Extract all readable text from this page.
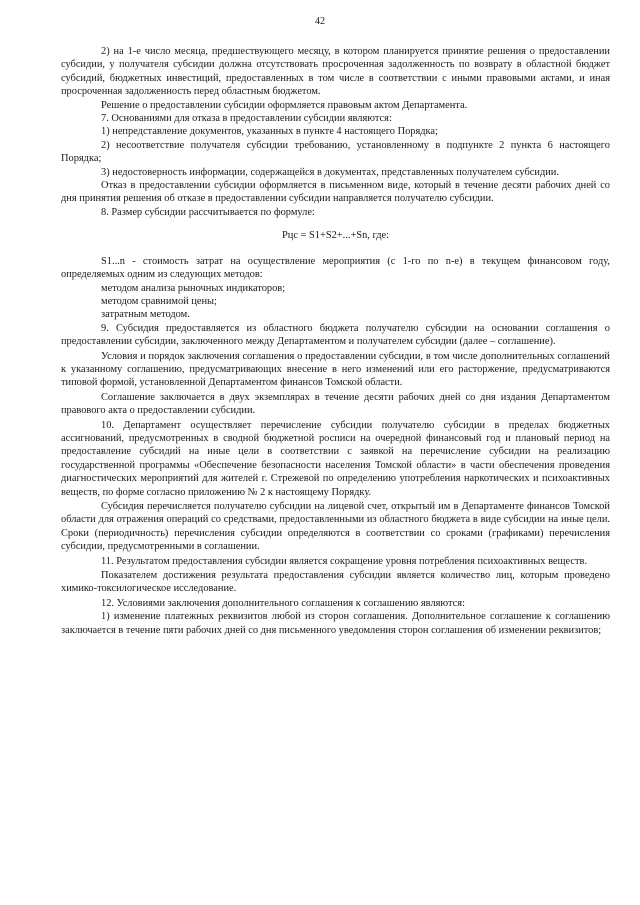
42

2) на 1-е число месяца, предшествующего месяцу, в котором планируется принятие решения о предоставлении субсидии, у получателя субсидии должна отсутствовать просроченная задолженность по возврату в областной бюджет субсидий, бюджетных инвестиций, предоставленных в том числе в соответствии с иными правовыми актами, и иная просроченная задолженность перед областным бюджетом.

Решение о предоставлении субсидии оформляется правовым актом Департамента.

7. Основаниями для отказа в предоставлении субсидии являются:

1) непредставление документов, указанных в пункте 4 настоящего Порядка;

2) несоответствие получателя субсидии требованию, установленному в подпункте 2 пункта 6 настоящего Порядка;

3) недостоверность информации, содержащейся в документах, представленных получателем субсидии.

Отказ в предоставлении субсидии оформляется в письменном виде, который в течение десяти рабочих дней со дня принятия решения об отказе в предоставлении субсидии направляется получателю субсидии.

8. Размер субсидии рассчитывается по формуле:

Рцс = S1+S2+...+Sn, где:

S1...n - стоимость затрат на осуществление мероприятия (с 1-го по n-е) в текущем финансовом году, определяемых одним из следующих методов:

методом анализа рыночных индикаторов;

методом сравнимой цены;

затратным методом.

9. Субсидия предоставляется из областного бюджета получателю субсидии на основании соглашения о предоставлении субсидии, заключенного между Департаментом и получателем субсидии (далее – соглашение).

Условия и порядок заключения соглашения о предоставлении субсидии, в том числе дополнительных соглашений к указанному соглашению, предусматривающих внесение в него изменений или его расторжение, предусматриваются типовой формой, установленной Департаментом финансов Томской области.

Соглашение заключается в двух экземплярах в течение десяти рабочих дней со дня издания Департаментом правового акта о предоставлении субсидии.

10. Департамент осуществляет перечисление субсидии получателю субсидии в пределах бюджетных ассигнований, предусмотренных в сводной бюджетной росписи на очередной финансовый год и плановый период на предоставление субсидий на иные цели в соответствии с заявкой на перечисление субсидии на реализацию государственной программы «Обеспечение безопасности населения Томской области» в части обеспечения проведения диагностических мероприятий для жителей г. Стрежевой по определению употребления наркотических и психоактивных веществ, по форме согласно приложению № 2 к настоящему Порядку.

Субсидия перечисляется получателю субсидии на лицевой счет, открытый им в Департаменте финансов Томской области для отражения операций со средствами, предоставленными из областного бюджета в виде субсидии на иные цели. Сроки (периодичность) перечисления субсидии определяются в соответствии со сроками (графиками) перечисления субсидии, предусмотренными в соглашении.

11. Результатом предоставления субсидии является сокращение уровня потребления психоактивных веществ.

Показателем достижения результата предоставления субсидии является количество лиц, которым проведено химико-токсилогическое исследование.

12. Условиями заключения дополнительного соглашения к соглашению являются:

1) изменение платежных реквизитов любой из сторон соглашения. Дополнительное соглашение к соглашению заключается в течение пяти рабочих дней со дня письменного уведомления сторон соглашения об изменении реквизитов;
